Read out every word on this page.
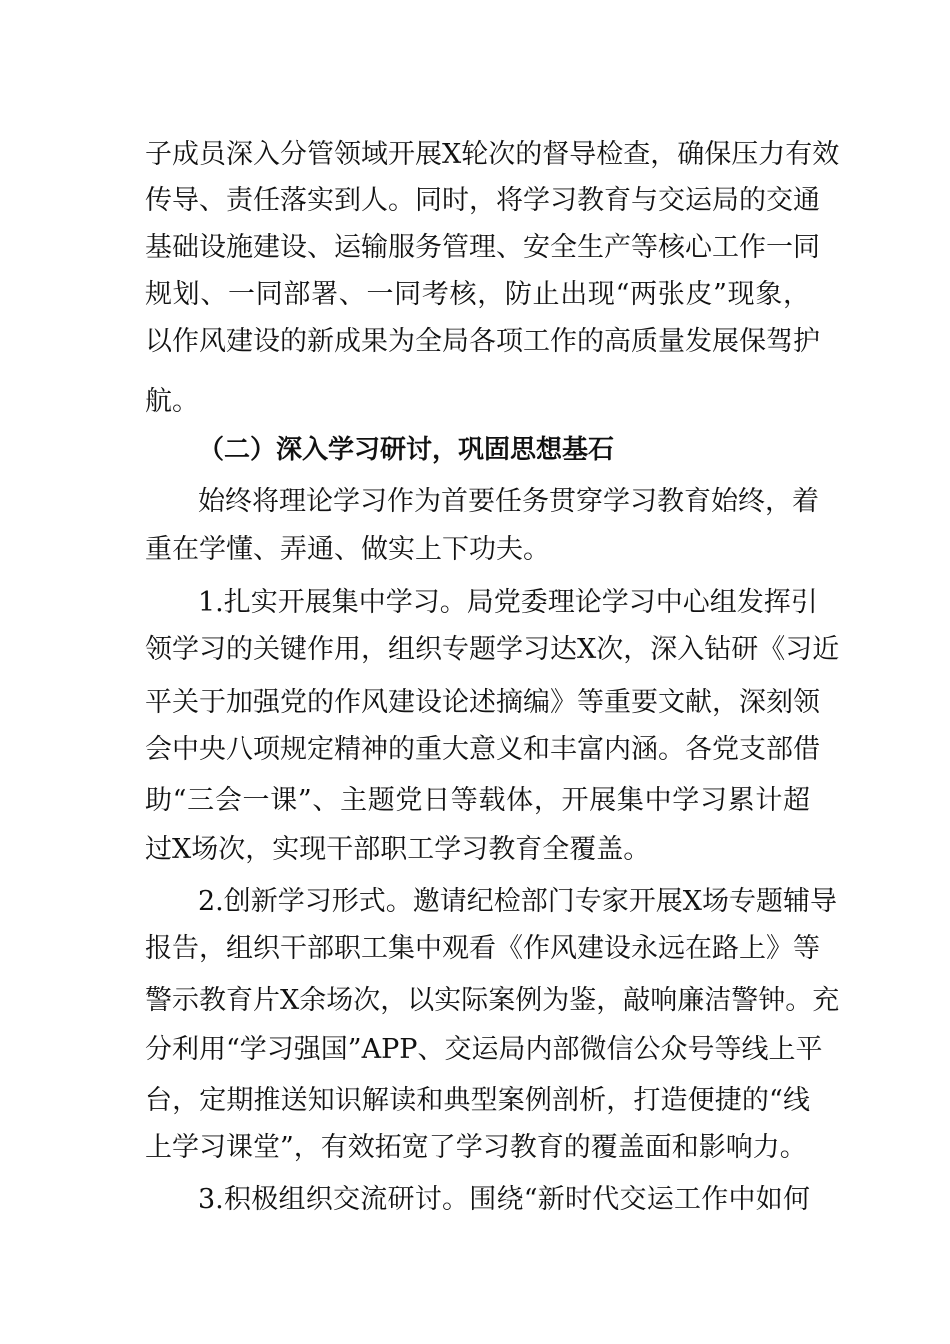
子成员深入分管领域开展X轮次的督导检查，确保压力有效
传导、责任落实到人。同时，将学习教育与交运局的交通
基础设施建设、运输服务管理、安全生产等核心工作一同
规划、一同部署、一同考核，防止出现“两张皮”现象，
以作风建设的新成果为全局各项工作的高质量发展保驾护
航。
（二）深入学习研讨，巩固思想基石
始终将理论学习作为首要任务贯穿学习教育始终，着
重在学懂、弄通、做实上下功夫。
1.扎实开展集中学习。局党委理论学习中心组发挥引
领学习的关键作用，组织专题学习达X次，深入钻研《习近
平关于加强党的作风建设论述摘编》等重要文献，深刻领
会中央八项规定精神的重大意义和丰富内涵。各党支部借
助“三会一课”、主题党日等载体，开展集中学习累计超
过X场次，实现干部职工学习教育全覆盖。
2.创新学习形式。邀请纪检部门专家开展X场专题辅导
报告，组织干部职工集中观看《作风建设永远在路上》等
警示教育片X余场次，以实际案例为鉴，敲响廉洁警钟。充
分利用“学习强国”APP、交运局内部微信公众号等线上平
台，定期推送知识解读和典型案例剖析，打造便捷的“线
上学习课堂”，有效拓宽了学习教育的覆盖面和影响力。
3.积极组织交流研讨。围绕“新时代交运工作中如何
